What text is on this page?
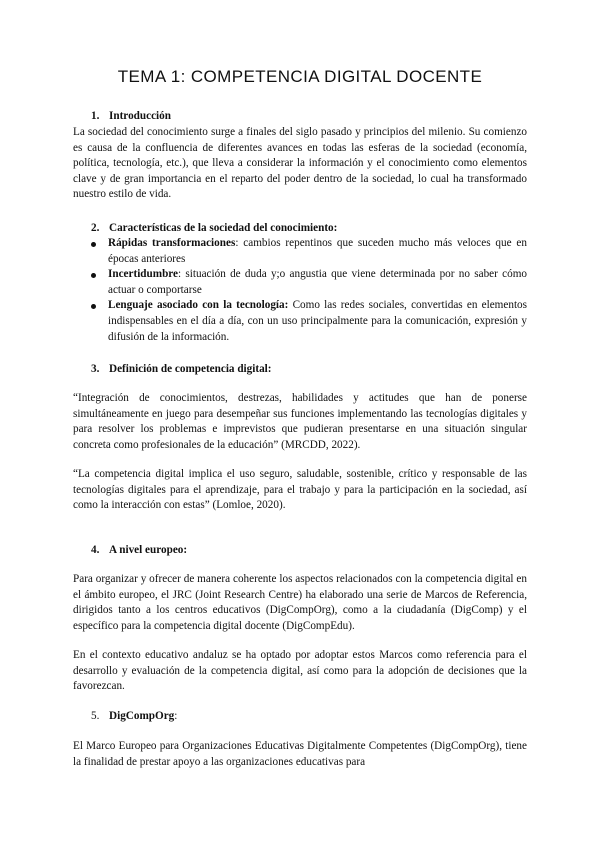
TEMA 1: COMPETENCIA DIGITAL DOCENTE
1. Introducción

La sociedad del conocimiento surge a finales del siglo pasado y principios del milenio. Su comienzo es causa de la confluencia de diferentes avances en todas las esferas de la sociedad (economía, política, tecnología, etc.), que lleva a considerar la información y el conocimiento como elementos clave y de gran importancia en el reparto del poder dentro de la sociedad, lo cual ha transformado nuestro estilo de vida.

2. Características de la sociedad del conocimiento:
Rápidas transformaciones: cambios repentinos que suceden mucho más veloces que en épocas anteriores
Incertidumbre: situación de duda y;o angustia que viene determinada por no saber cómo actuar o comportarse
Lenguaje asociado con la tecnología: Como las redes sociales, convertidas en elementos indispensables en el día a día, con un uso principalmente para la comunicación, expresión y difusión de la información.
3. Definición de competencia digital:

“Integración de conocimientos, destrezas, habilidades y actitudes que han de ponerse simultáneamente en juego para desempeñar sus funciones implementando las tecnologías digitales y para resolver los problemas e imprevistos que pudieran presentarse en una situación singular concreta como profesionales de la educación” (MRCDD, 2022).

“La competencia digital implica el uso seguro, saludable, sostenible, crítico y responsable de las tecnologías digitales para el aprendizaje, para el trabajo y para la participación en la sociedad, así como la interacción con estas” (Lomloe, 2020).

4. A nivel europeo:

Para organizar y ofrecer de manera coherente los aspectos relacionados con la competencia digital en el ámbito europeo, el JRC (Joint Research Centre) ha elaborado una serie de Marcos de Referencia, dirigidos tanto a los centros educativos (DigCompOrg), como a la ciudadanía (DigComp) y el específico para la competencia digital docente (DigCompEdu).

En el contexto educativo andaluz se ha optado por adoptar estos Marcos como referencia para el desarrollo y evaluación de la competencia digital, así como para la adopción de decisiones que la favorezcan.

5. DigCompOrg:

El Marco Europeo para Organizaciones Educativas Digitalmente Competentes (DigCompOrg), tiene la finalidad de prestar apoyo a las organizaciones educativas para
